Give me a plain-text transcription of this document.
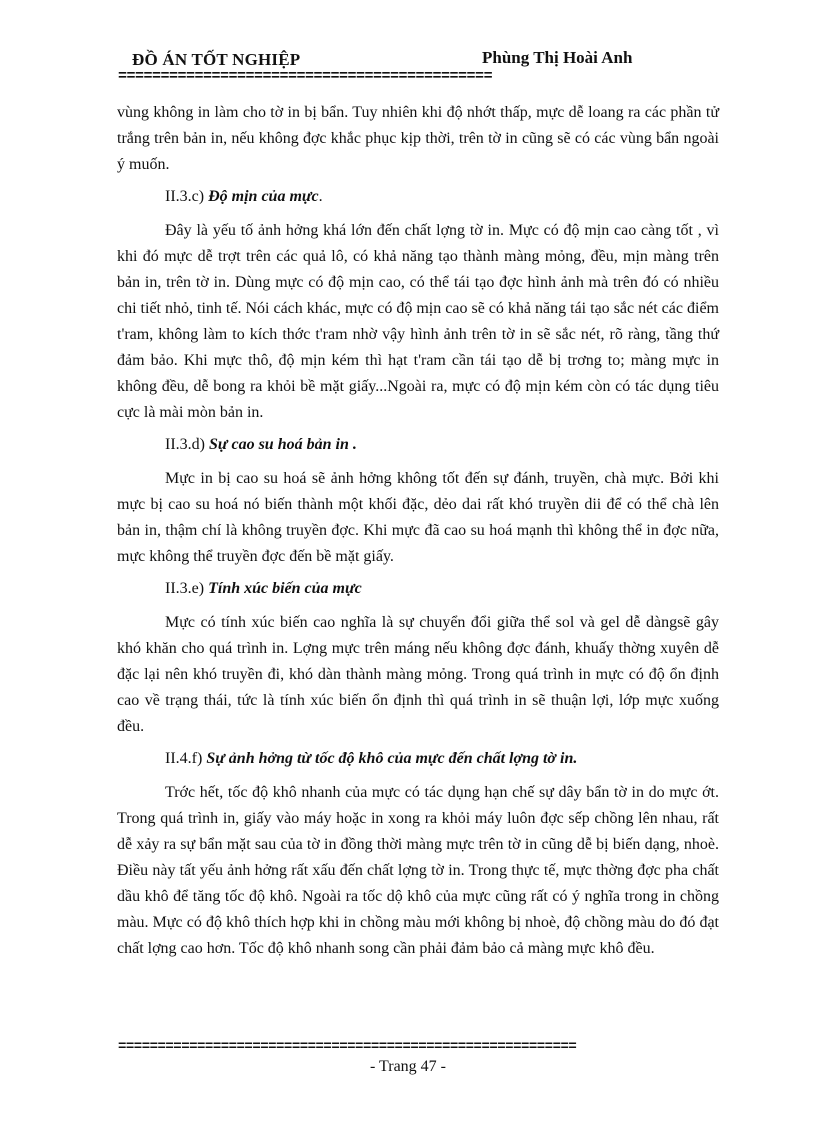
ĐỒ ÁN TỐT NGHIỆP	Phùng Thị Hoài Anh
============================================

vùng không in làm cho tờ in bị bẩn. Tuy nhiên khi độ nhớt thấp, mực dễ loang ra các phần tử trắng trên bản in, nếu không đợc khắc phục kịp thời, trên tờ in cũng sẽ có các vùng bẩn ngoài ý muốn.

II.3.c) Độ mịn của mực.

Đây là yếu tố ảnh hởng khá lớn đến chất lợng tờ in. Mực có độ mịn cao càng tốt , vì khi đó mực dễ trợt trên các quả lô, có khả năng tạo thành màng mỏng, đều, mịn màng trên bản in, trên tờ in. Dùng mực có độ mịn cao, có thể tái tạo đợc hình ảnh mà trên đó có nhiều chi tiết nhỏ, tinh tế. Nói cách khác, mực có độ mịn cao sẽ có khả năng tái tạo sắc nét các điểm t'ram, không làm to kích thớc t'ram nhờ vậy hình ảnh trên tờ in sẽ sắc nét, rõ ràng, tầng thứ đảm bảo. Khi mực thô, độ mịn kém thì hạt t'ram cần tái tạo dễ bị trơng to; màng mực in không đều, dễ bong ra khỏi bề mặt giấy...Ngoài ra, mực có độ mịn kém còn có tác dụng tiêu cực là mài mòn bản in.

II.3.d) Sự cao su hoá bản in .

Mực in bị cao su hoá sẽ ảnh hởng không tốt đến sự đánh, truyền, chà mực. Bởi khi mực bị cao su hoá nó biến thành một khối đặc, dẻo dai rất khó truyền dii để có thể chà lên bản in, thậm chí là không truyền đợc. Khi mực đã cao su hoá mạnh thì không thể in đợc nữa, mực không thể truyền đợc đến bề mặt giấy.

II.3.e) Tính xúc biến của mực

Mực có tính xúc biến cao nghĩa là sự chuyển đổi giữa thể sol và gel dễ dàngsẽ gây khó khăn cho quá trình in. Lợng mực trên máng nếu không đợc đánh, khuấy thờng xuyên dễ đặc lại nên khó truyền đi, khó dàn thành màng mỏng. Trong quá trình in mực có độ ổn định cao về trạng thái, tức là tính xúc biến ổn định thì quá trình in sẽ thuận lợi, lớp mực xuống đều.

II.4.f) Sự ảnh hởng từ tốc độ khô của mực đến chất lợng tờ in.

Trớc hết, tốc độ khô nhanh của mực có tác dụng hạn chế sự dây bẩn tờ in do mực ớt. Trong quá trình in, giấy vào máy hoặc in xong ra khỏi máy luôn đợc sếp chồng lên nhau, rất dễ xảy ra sự bẩn mặt sau của tờ in đồng thời màng mực trên tờ in cũng dễ bị biến dạng, nhoè. Điều này tất yếu ảnh hởng rất xấu đến chất lợng tờ in. Trong thực tế, mực thờng đợc pha chất dầu khô để tăng tốc độ khô. Ngoài ra tốc dộ khô của mực cũng rất có ý nghĩa trong in chồng màu. Mực có độ khô thích hợp khi in chồng màu mới không bị nhoè, độ chồng màu do đó đạt chất lợng cao hơn. Tốc độ khô nhanh song cần phải đảm bảo cả màng mực khô đều.

==========================================================
- Trang 47 -
